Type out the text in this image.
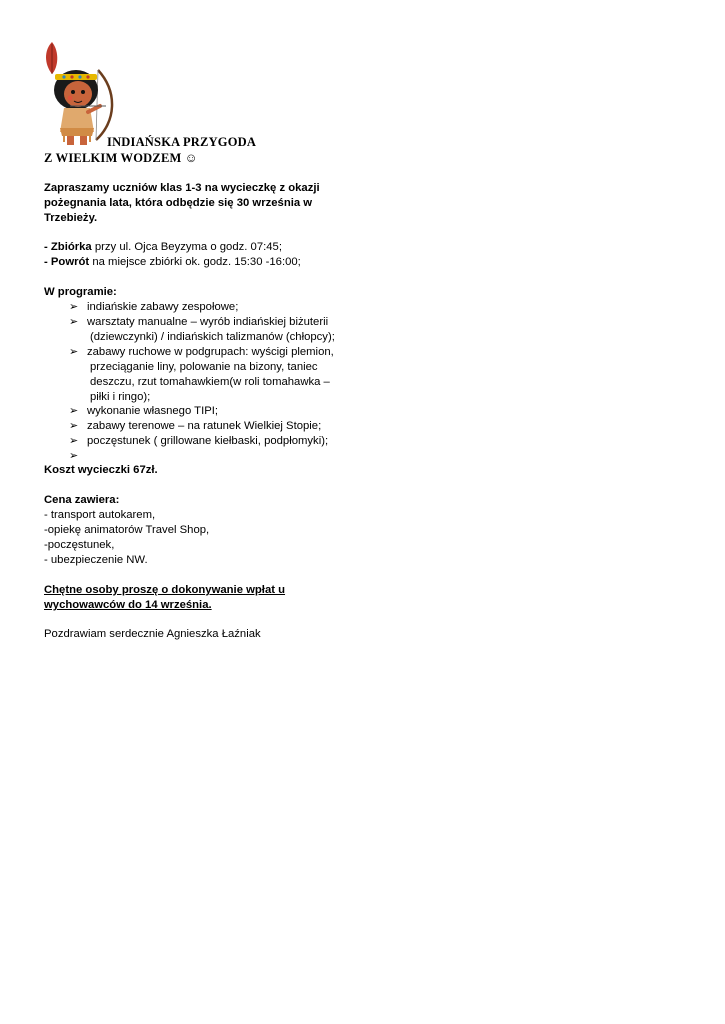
INDIAŃSKA PRZYGODA
Z WIELKIM WODZEM ☺
Zapraszamy uczniów klas 1-3 na wycieczkę z okazji
pożegnania lata, która odbędzie się 30 września w
Trzebieży.
- Zbiórka przy ul. Ojca Beyzyma o godz. 07:45;
- Powrót na miejsce zbiórki ok. godz. 15:30 -16:00;
W programie:
➢ indiańskie zabawy zespołowe;
➢ warsztaty manualne – wyrób indiańskiej biżuterii
(dziewczynki) / indiańskich talizmanów (chłopcy);
➢ zabawy ruchowe w podgrupach: wyścigi plemion,
przeciąganie liny, polowanie na bizony, taniec
deszczu, rzut tomahawkiem(w roli tomahawka –
piłki i ringo);
➢ wykonanie własnego TIPI;
➢ zabawy terenowe – na ratunek Wielkiej Stopie;
➢ poczęstunek ( grillowane kiełbaski, podpłomyki);
➢
Koszt wycieczki 67zł.
Cena zawiera:
- transport autokarem,
-opiekę animatorów Travel Shop,
-poczęstunek,
- ubezpieczenie NW.
Chętne osoby proszę o dokonywanie wpłat u
wychowawców do 14 września.
Pozdrawiam serdecznie Agnieszka Łaźniak
